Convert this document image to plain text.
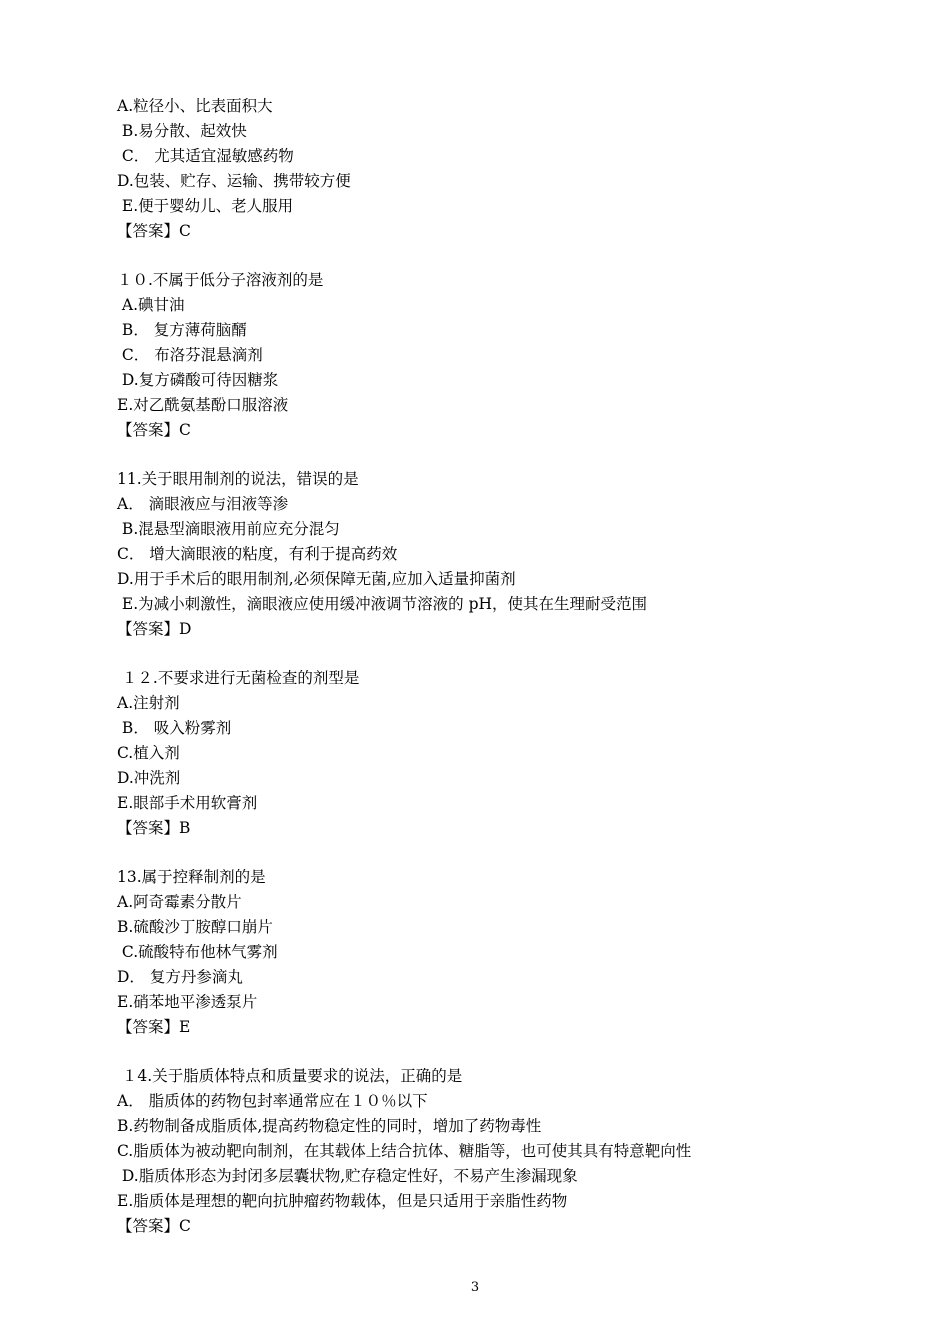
A.粒径小、比表面积大
B.易分散、起效快
C． 尤其适宜湿敏感药物
D.包装、贮存、运输、携带较方便
E.便于婴幼儿、老人服用
【答案】C
１０.不属于低分子溶液剂的是
A.碘甘油
B． 复方薄荷脑醑
C． 布洛芬混悬滴剂
D.复方磷酸可待因糖浆
E.对乙酰氨基酚口服溶液
【答案】C
11.关于眼用制剂的说法，错误的是
A． 滴眼液应与泪液等渗
B.混悬型滴眼液用前应充分混匀
C． 增大滴眼液的粘度，有利于提高药效
D.用于手术后的眼用制剂,必须保障无菌,应加入适量抑菌剂
E.为减小刺激性，滴眼液应使用缓冲液调节溶液的 pH，使其在生理耐受范围
【答案】D
１２.不要求进行无菌检查的剂型是
A.注射剂
B． 吸入粉雾剂
C.植入剂
D.冲洗剂
E.眼部手术用软膏剂
【答案】B
13.属于控释制剂的是
A.阿奇霉素分散片
B.硫酸沙丁胺醇口崩片
C.硫酸特布他林气雾剂
D． 复方丹参滴丸
E.硝苯地平渗透泵片
【答案】E
１4.关于脂质体特点和质量要求的说法，正确的是
A． 脂质体的药物包封率通常应在１０％以下
B.药物制备成脂质体,提高药物稳定性的同时，增加了药物毒性
C.脂质体为被动靶向制剂，在其载体上结合抗体、糖脂等，也可使其具有特意靶向性
D.脂质体形态为封闭多层囊状物,贮存稳定性好，不易产生渗漏现象
E.脂质体是理想的靶向抗肿瘤药物载体，但是只适用于亲脂性药物
【答案】C
3
